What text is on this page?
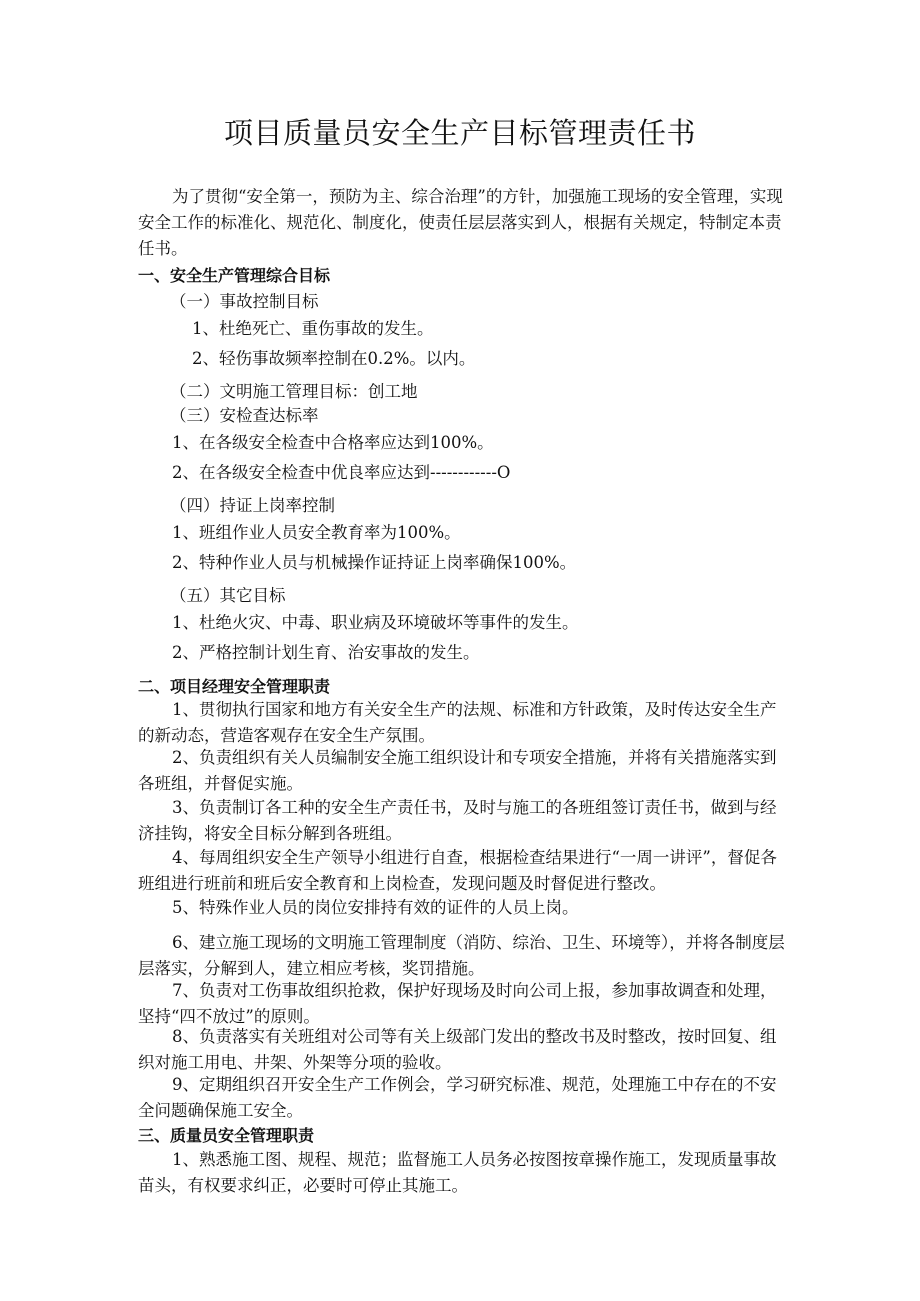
项目质量员安全生产目标管理责任书
为了贯彻“安全第一，预防为主、综合治理”的方针，加强施工现场的安全管理，实现安全工作的标准化、规范化、制度化，使责任层层落实到人，根据有关规定，特制定本责任书。
一、安全生产管理综合目标
（一）事故控制目标
1、杜绝死亡、重伤事故的发生。
2、轻伤事故频率控制在0.2%。以内。
（二）文明施工管理目标：创工地
（三）安检查达标率
1、在各级安全检查中合格率应达到100%。
2、在各级安全检查中优良率应达到------------O
（四）持证上岗率控制
1、班组作业人员安全教育率为100%。
2、特种作业人员与机械操作证持证上岗率确保100%。
（五）其它目标
1、杜绝火灾、中毒、职业病及环境破坏等事件的发生。
2、严格控制计划生育、治安事故的发生。
二、项目经理安全管理职责
1、贯彻执行国家和地方有关安全生产的法规、标准和方针政策，及时传达安全生产的新动态，营造客观存在安全生产氛围。
2、负责组织有关人员编制安全施工组织设计和专项安全措施，并将有关措施落实到各班组，并督促实施。
3、负责制订各工种的安全生产责任书，及时与施工的各班组签订责任书，做到与经济挂钩，将安全目标分解到各班组。
4、每周组织安全生产领导小组进行自查，根据检查结果进行“一周一讲评”，督促各班组进行班前和班后安全教育和上岗检查，发现问题及时督促进行整改。
5、特殊作业人员的岗位安排持有效的证件的人员上岗。
6、建立施工现场的文明施工管理制度（消防、综治、卫生、环境等），并将各制度层层落实，分解到人，建立相应考核，奖罚措施。
7、负责对工伤事故组织抢救，保护好现场及时向公司上报，参加事故调查和处理，坚持“四不放过”的原则。
8、负责落实有关班组对公司等有关上级部门发出的整改书及时整改，按时回复、组织对施工用电、井架、外架等分项的验收。
9、定期组织召开安全生产工作例会，学习研究标准、规范，处理施工中存在的不安全问题确保施工安全。
三、质量员安全管理职责
1、熟悉施工图、规程、规范；监督施工人员务必按图按章操作施工，发现质量事故苗头，有权要求纠正，必要时可停止其施工。
